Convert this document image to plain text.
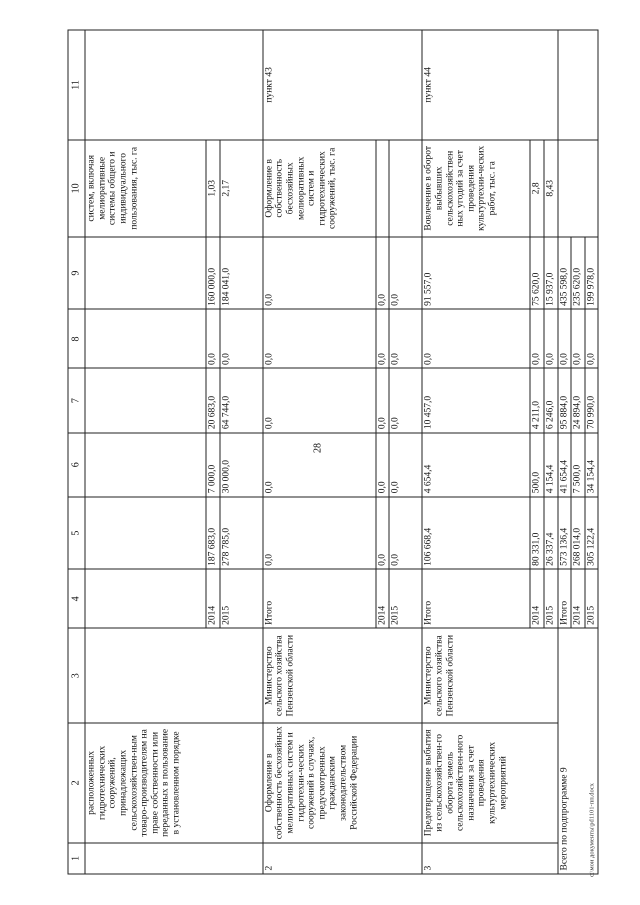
28
c:\мои документы\pd1101-пп.docx
1	2	3	4	5	6	7	8	9	10	11
	расположенных гидротехнических сооружений, принадлежащих сельскохозяйствен-ным товаро-производителям на праве собственности или переданных в пользование в установленном порядке								систем, включая мелиоративные системы общего и индивидуального пользования, тыс. га	
			2014	187 683,0	7 000,0	20 683,0	0,0	160 000,0	1,03	
			2015	278 785,0	30 000,0	64 744,0	0,0	184 041,0	2,17	
2	Оформление в собственность бесхозяйных мелиоративных систем и гидротехни-ческих сооружений в случаях, предусмотренных гражданским законодательством Российской Федерации	Министерство сельского хозяйства Пензенской области	Итого	0,0	0,0	0,0	0,0	0,0	Оформление в собственность бесхозяйных мелиоративных систем и гидротехнических сооружений, тыс. га	пункт 43
			2014	0,0	0,0	0,0	0,0	0,0		
			2015	0,0	0,0	0,0	0,0	0,0		
3	Предотвращение выбытия из сельскохозяйствен-го оборота земель сельскохозяйствен-ного назначения за счет проведения культуртехнических мероприятий	Министерство сельского хозяйства Пензенской области	Итого	106 668,4	4 654,4	10 457,0	0,0	91 557,0	Вовлечение в оборот выбывших сельскохозяйствен ных угодий за счет проведения культуртехни-ческих работ, тыс. га	пункт 44
			2014	80 331,0	500,0	4 211,0	0,0	75 620,0	2,8	
			2015	26 337,4	4 154,4	6 246,0	0,0	15 937,0	8,43	
Всего по подпрограмме 9			Итого	573 136,4	41 654,4	95 884,0	0,0	435 598,0		
			2014	268 014,0	7 500,0	24 894,0	0,0	235 620,0		
			2015	305 122,4	34 154,4	70 990,0	0,0	199 978,0		
